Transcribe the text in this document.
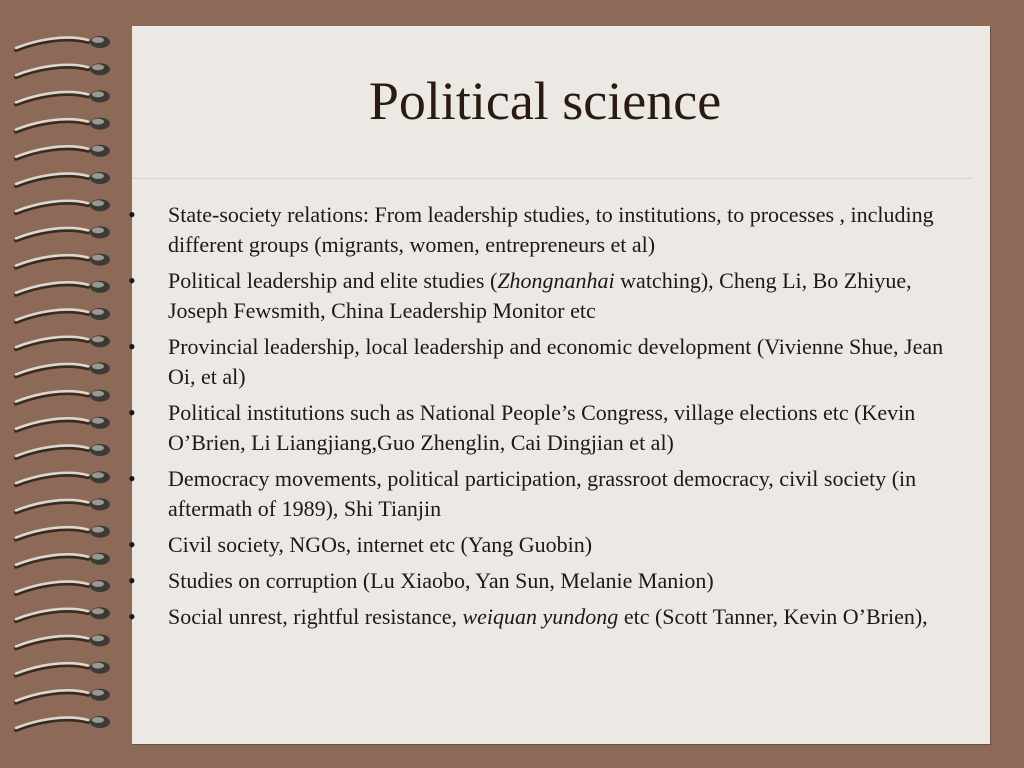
Political science
• State-society relations: From leadership studies, to institutions, to processes , including different groups (migrants, women, entrepreneurs et al)
• Political leadership and elite studies (Zhongnanhai watching), Cheng Li, Bo Zhiyue, Joseph Fewsmith, China Leadership Monitor etc
• Provincial leadership, local leadership and economic development (Vivienne Shue, Jean Oi, et al)
• Political institutions such as National People’s Congress, village elections etc (Kevin O’Brien, Li Liangjiang,Guo Zhenglin, Cai Dingjian et al)
• Democracy movements, political participation, grassroot democracy, civil society (in aftermath of 1989), Shi Tianjin
• Civil society, NGOs, internet etc (Yang Guobin)
• Studies on corruption (Lu Xiaobo, Yan Sun, Melanie Manion)
• Social unrest, rightful resistance, weiquan yundong etc (Scott Tanner, Kevin O’Brien),
